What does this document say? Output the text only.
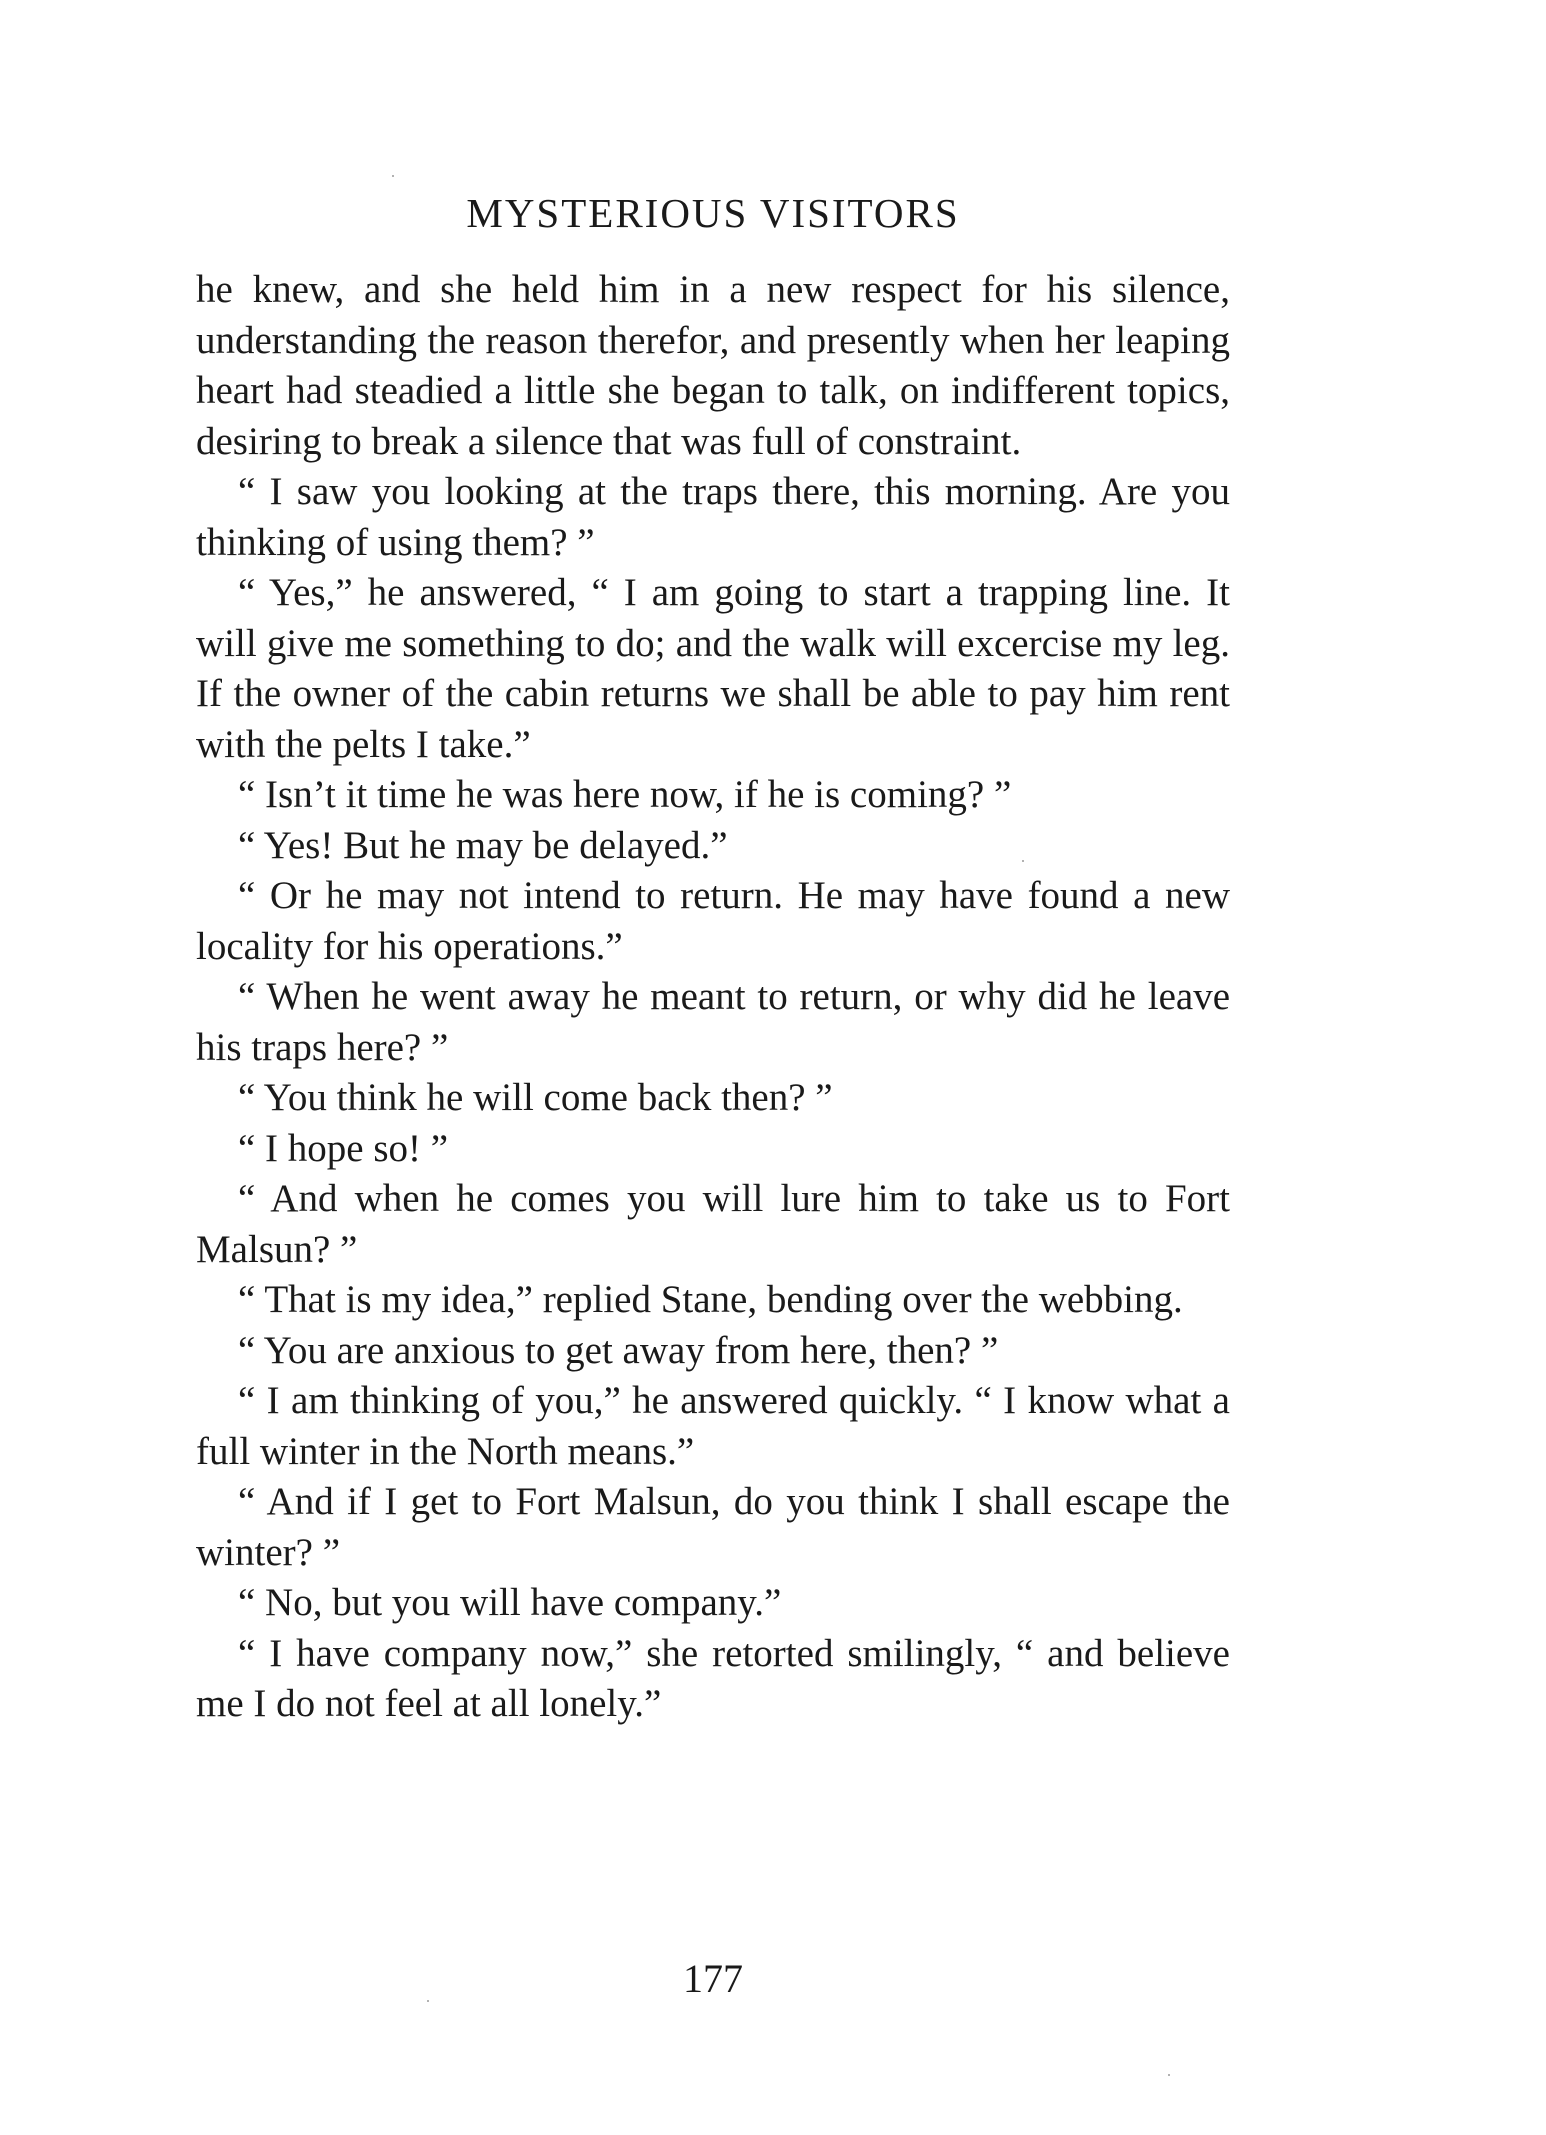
MYSTERIOUS VISITORS

he knew, and she held him in a new respect for his silence, understanding the reason therefor, and presently when her leaping heart had steadied a little she began to talk, on indifferent topics, desiring to break a silence that was full of constraint.

“ I saw you looking at the traps there, this morning. Are you thinking of using them? ”

“ Yes,” he answered, “ I am going to start a trapping line. It will give me something to do; and the walk will excercise my leg. If the owner of the cabin returns we shall be able to pay him rent with the pelts I take.”

“ Isn’t it time he was here now, if he is coming? ”

“ Yes! But he may be delayed.”

“ Or he may not intend to return. He may have found a new locality for his operations.”

“ When he went away he meant to return, or why did he leave his traps here? ”

“ You think he will come back then? ”

“ I hope so! ”

“ And when he comes you will lure him to take us to Fort Malsun? ”

“ That is my idea,” replied Stane, bending over the webbing.

“ You are anxious to get away from here, then? ”

“ I am thinking of you,” he answered quickly. “ I know what a full winter in the North means.”

“ And if I get to Fort Malsun, do you think I shall escape the winter? ”

“ No, but you will have company.”

“ I have company now,” she retorted smilingly, “ and believe me I do not feel at all lonely.”

177
